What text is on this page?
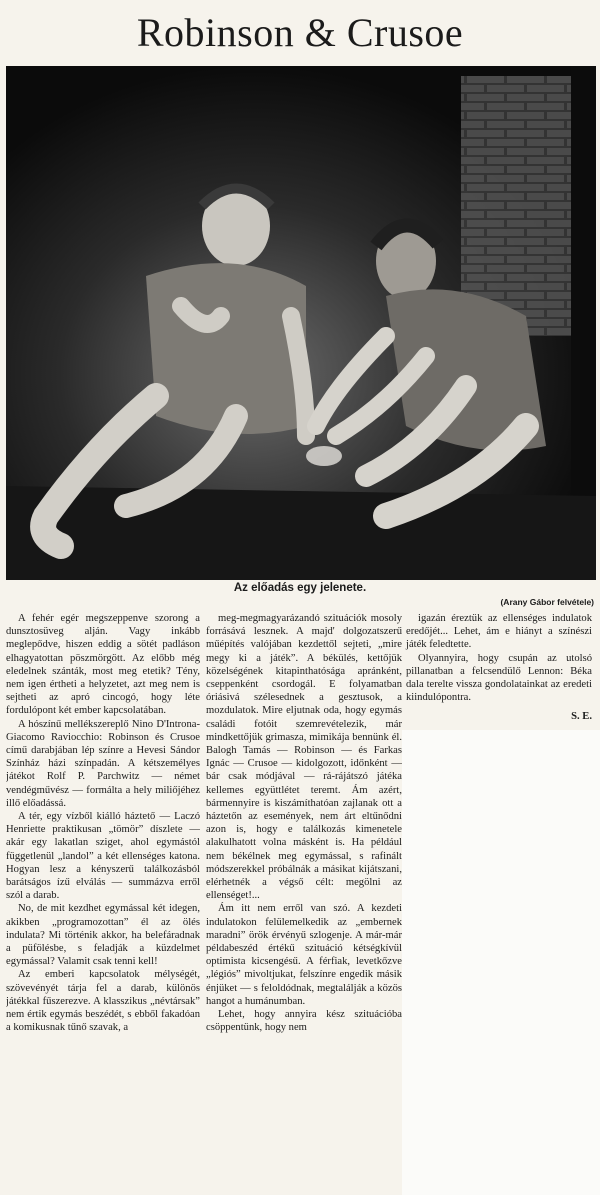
Robinson & Crusoe
Az előadás egy jelenete.
(Arany Gábor felvétele)

A fehér egér megszeppenve szorong a dunsztosüveg alján. Vagy inkább meglepődve, hiszen eddig a sötét padláson elhagyatottan pöszmörgött. Az előbb még eledelnek szánták, most meg etetik? Tény, nem igen értheti a helyzetet, azt meg nem is sejtheti az apró cincogó, hogy léte fordulópont két ember kapcsolatában.

A hószínű mellékszereplő Nino D'Introna-Giacomo Raviocchio: Robinson és Crusoe című darabjában lép színre a Hevesi Sándor Színház házi színpadán. A kétszemélyes játékot Rolf P. Parchwitz — német vendégművész — formálta a hely miliőjéhez illő előadássá.

A tér, egy vízből kiálló háztető — Laczó Henriette praktikusan „tömör” díszlete — akár egy lakatlan sziget, ahol egymástól függetlenül „landol” a két ellenséges katona. Hogyan lesz a kényszerű találkozásból barátságos ízű elválás — summázva erről szól a darab.

No, de mit kezdhet egymással két idegen, akikben „programozottan” él az ölés indulata? Mi történik akkor, ha belefáradnak a püfölésbe, s feladják a küzdelmet egymással? Valamit csak tenni kell!

Az emberi kapcsolatok mélységét, szövevényét tárja fel a darab, különös játékkal fűszerezve. A klasszikus „névtársak” nem értik egymás beszédét, s ebből fakadóan a komikusnak tűnő szavak, a

meg-megmagyarázandó szituációk mosoly forrásává lesznek. A majd' dolgozatszerű műépítés valójában kezdettől sejteti, „mire megy ki a játék”. A békülés, kettőjük közelségének kitapinthatósága apránként, cseppenként csordogál. E folyamatban óriásivá szélesednek a gesztusok, a mozdulatok. Mire eljutnak oda, hogy egymás családi fotóit szemrevételezik, már mindkettőjük grimasza, mimikája bennünk él. Balogh Tamás — Robinson — és Farkas Ignác — Crusoe — kidolgozott, időnként — bár csak módjával — rá-rájátszó játéka kellemes együttlétet teremt. Ám azért, bármennyire is kiszámíthatóan zajlanak ott a háztetőn az események, nem árt eltűnődni azon is, hogy e találkozás kimenetele alakulhatott volna másként is. Ha például nem békélnek meg egymással, s rafinált módszerekkel próbálnák a másikat kijátszani, elérhetnék a végső célt: megölni az ellenséget!...

Ám itt nem erről van szó. A kezdeti indulatokon felülemelkedik az „embernek maradni” örök érvényű szlogenje. A már-már példabeszéd értékű szituáció kétségkívül optimista kicsengésű. A férfiak, levetkőzve „légiós” mivoltjukat, felszínre engedik másik énjüket — s feloldódnak, megtalálják a közös hangot a humánumban.

Lehet, hogy annyira kész szituációba csöppentünk, hogy nem

igazán éreztük az ellenséges indulatok eredőjét... Lehet, ám e hiányt a színészi játék feledtette.

Olyannyira, hogy csupán az utolsó pillanatban a felcsendülő Lennon: Béka dala terelte vissza gondolatainkat az eredeti kiindulópontra.

S. E.
